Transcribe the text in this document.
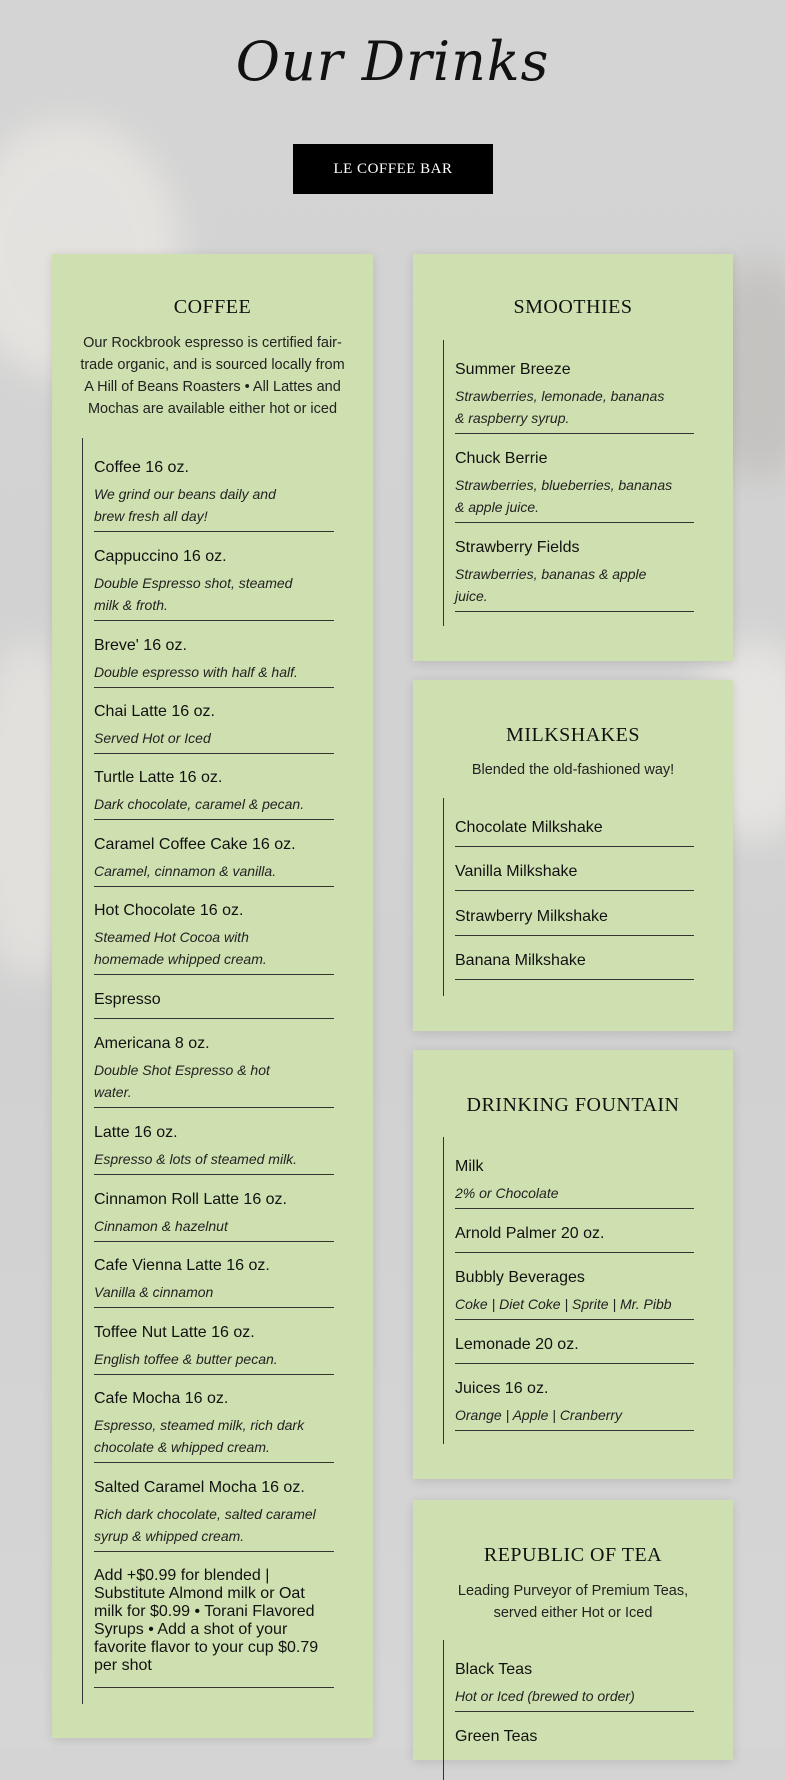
Our Drinks
LE COFFEE BAR
COFFEE

Our Rockbrook espresso is certified fair-trade organic, and is sourced locally from A Hill of Beans Roasters • All Lattes and Mochas are available either hot or iced

Coffee 16 oz.
We grind our beans daily and brew fresh all day!
Cappuccino 16 oz.
Double Espresso shot, steamed milk & froth.
Breve' 16 oz.
Double espresso with half & half.
Chai Latte 16 oz.
Served Hot or Iced
Turtle Latte 16 oz.
Dark chocolate, caramel & pecan.
Caramel Coffee Cake 16 oz.
Caramel, cinnamon & vanilla.
Hot Chocolate 16 oz.
Steamed Hot Cocoa with homemade whipped cream.
Espresso
Americana 8 oz.
Double Shot Espresso & hot water.
Latte 16 oz.
Espresso & lots of steamed milk.
Cinnamon Roll Latte 16 oz.
Cinnamon & hazelnut
Cafe Vienna Latte 16 oz.
Vanilla & cinnamon
Toffee Nut Latte 16 oz.
English toffee & butter pecan.
Cafe Mocha 16 oz.
Espresso, steamed milk, rich dark chocolate & whipped cream.
Salted Caramel Mocha 16 oz.
Rich dark chocolate, salted caramel syrup & whipped cream.
Add +$0.99 for blended | Substitute Almond milk or Oat milk for $0.99 • Torani Flavored Syrups • Add a shot of your favorite flavor to your cup $0.79 per shot
SMOOTHIES
Summer Breeze
Strawberries, lemonade, bananas & raspberry syrup.
Chuck Berrie
Strawberries, blueberries, bananas & apple juice.
Strawberry Fields
Strawberries, bananas & apple juice.
MILKSHAKES

Blended the old-fashioned way!

Chocolate Milkshake
Vanilla Milkshake
Strawberry Milkshake
Banana Milkshake
DRINKING FOUNTAIN
Milk
2% or Chocolate
Arnold Palmer 20 oz.
Bubbly Beverages
Coke | Diet Coke | Sprite | Mr. Pibb
Lemonade 20 oz.
Juices 16 oz.
Orange | Apple | Cranberry
REPUBLIC OF TEA

Leading Purveyor of Premium Teas, served either Hot or Iced

Black Teas
Hot or Iced (brewed to order)
Green Teas
